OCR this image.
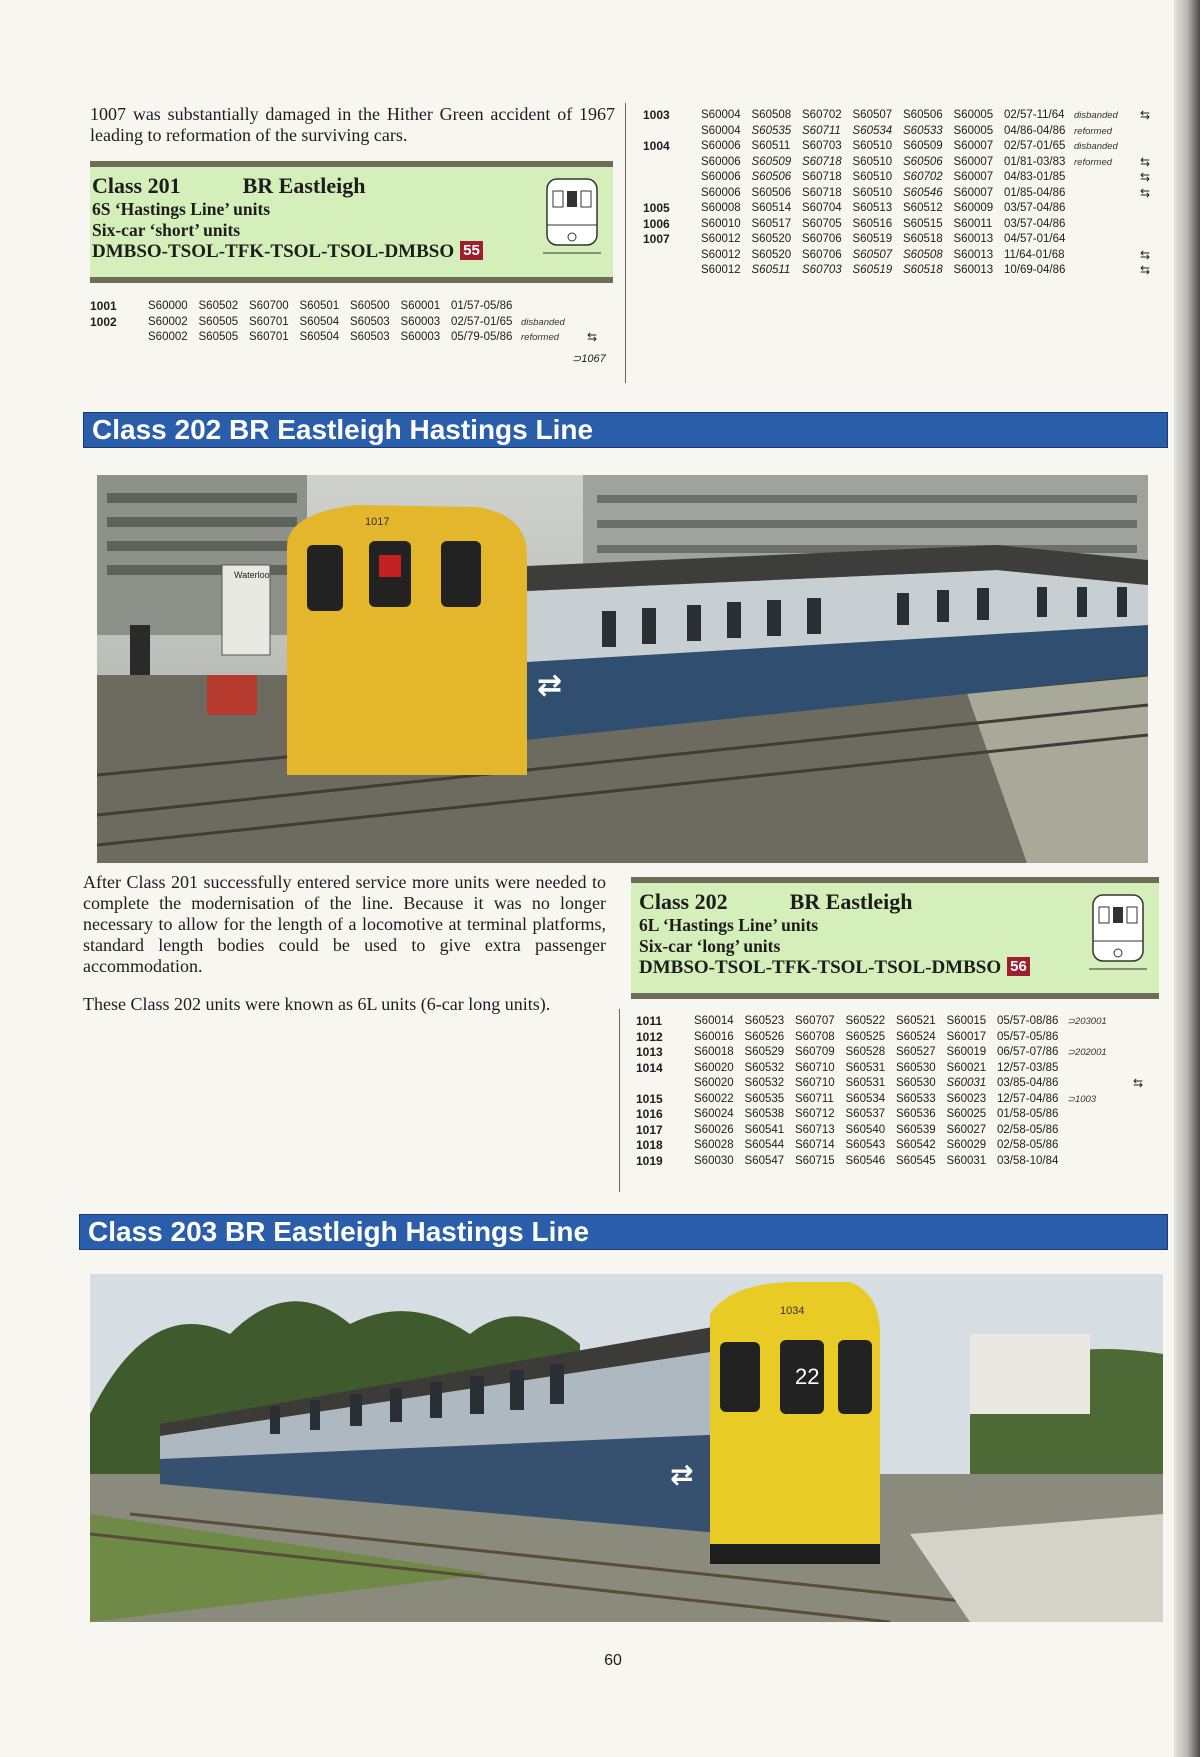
1007 was substantially damaged in the Hither Green accident of 1967 leading to reformation of the surviving cars.
Class 201	BR Eastleigh
6S ‘Hastings Line’ units
Six-car ‘short’ units
DMBSO-TSOL-TFK-TSOL-TSOL-DMBSO 55
1001	S60000	S60502	S60700	S60501	S60500	S60001	01/57-05/86		
1002	S60002	S60505	S60701	S60504	S60503	S60003	02/57-01/65	disbanded	
	S60002	S60505	S60701	S60504	S60503	S60003	05/79-05/86	reformed	⇆
⊃1067
1003	S60004	S60508	S60702	S60507	S60506	S60005	02/57-11/64	disbanded	⇆
	S60004	S60535	S60711	S60534	S60533	S60005	04/86-04/86	reformed	
1004	S60006	S60511	S60703	S60510	S60509	S60007	02/57-01/65	disbanded	
	S60006	S60509	S60718	S60510	S60506	S60007	01/81-03/83	reformed	⇆
	S60006	S60506	S60718	S60510	S60702	S60007	04/83-01/85		⇆
	S60006	S60506	S60718	S60510	S60546	S60007	01/85-04/86		⇆
1005	S60008	S60514	S60704	S60513	S60512	S60009	03/57-04/86		
1006	S60010	S60517	S60705	S60516	S60515	S60011	03/57-04/86		
1007	S60012	S60520	S60706	S60519	S60518	S60013	04/57-01/64		
	S60012	S60520	S60706	S60507	S60508	S60013	11/64-01/68		⇆
	S60012	S60511	S60703	S60519	S60518	S60013	10/69-04/86		⇆
Class 202 BR Eastleigh Hastings Line
1017
Waterloo
⇄
After Class 201 successfully entered service more units were needed to complete the modernisation of the line. Because it was no longer necessary to allow for the length of a locomotive at terminal platforms, standard length bodies could be used to give extra passenger accommodation.
These Class 202 units were known as 6L units (6-car long units).
Class 202	BR Eastleigh
6L ‘Hastings Line’ units
Six-car ‘long’ units
DMBSO-TSOL-TFK-TSOL-TSOL-DMBSO 56
1011	S60014	S60523	S60707	S60522	S60521	S60015	05/57-08/86	⊃203001	
1012	S60016	S60526	S60708	S60525	S60524	S60017	05/57-05/86		
1013	S60018	S60529	S60709	S60528	S60527	S60019	06/57-07/86	⊃202001	
1014	S60020	S60532	S60710	S60531	S60530	S60021	12/57-03/85		
	S60020	S60532	S60710	S60531	S60530	S60031	03/85-04/86		⇆
1015	S60022	S60535	S60711	S60534	S60533	S60023	12/57-04/86	⊃1003	
1016	S60024	S60538	S60712	S60537	S60536	S60025	01/58-05/86		
1017	S60026	S60541	S60713	S60540	S60539	S60027	02/58-05/86		
1018	S60028	S60544	S60714	S60543	S60542	S60029	02/58-05/86		
1019	S60030	S60547	S60715	S60546	S60545	S60031	03/58-10/84		
Class 203 BR Eastleigh Hastings Line
22
1034
⇄
60
